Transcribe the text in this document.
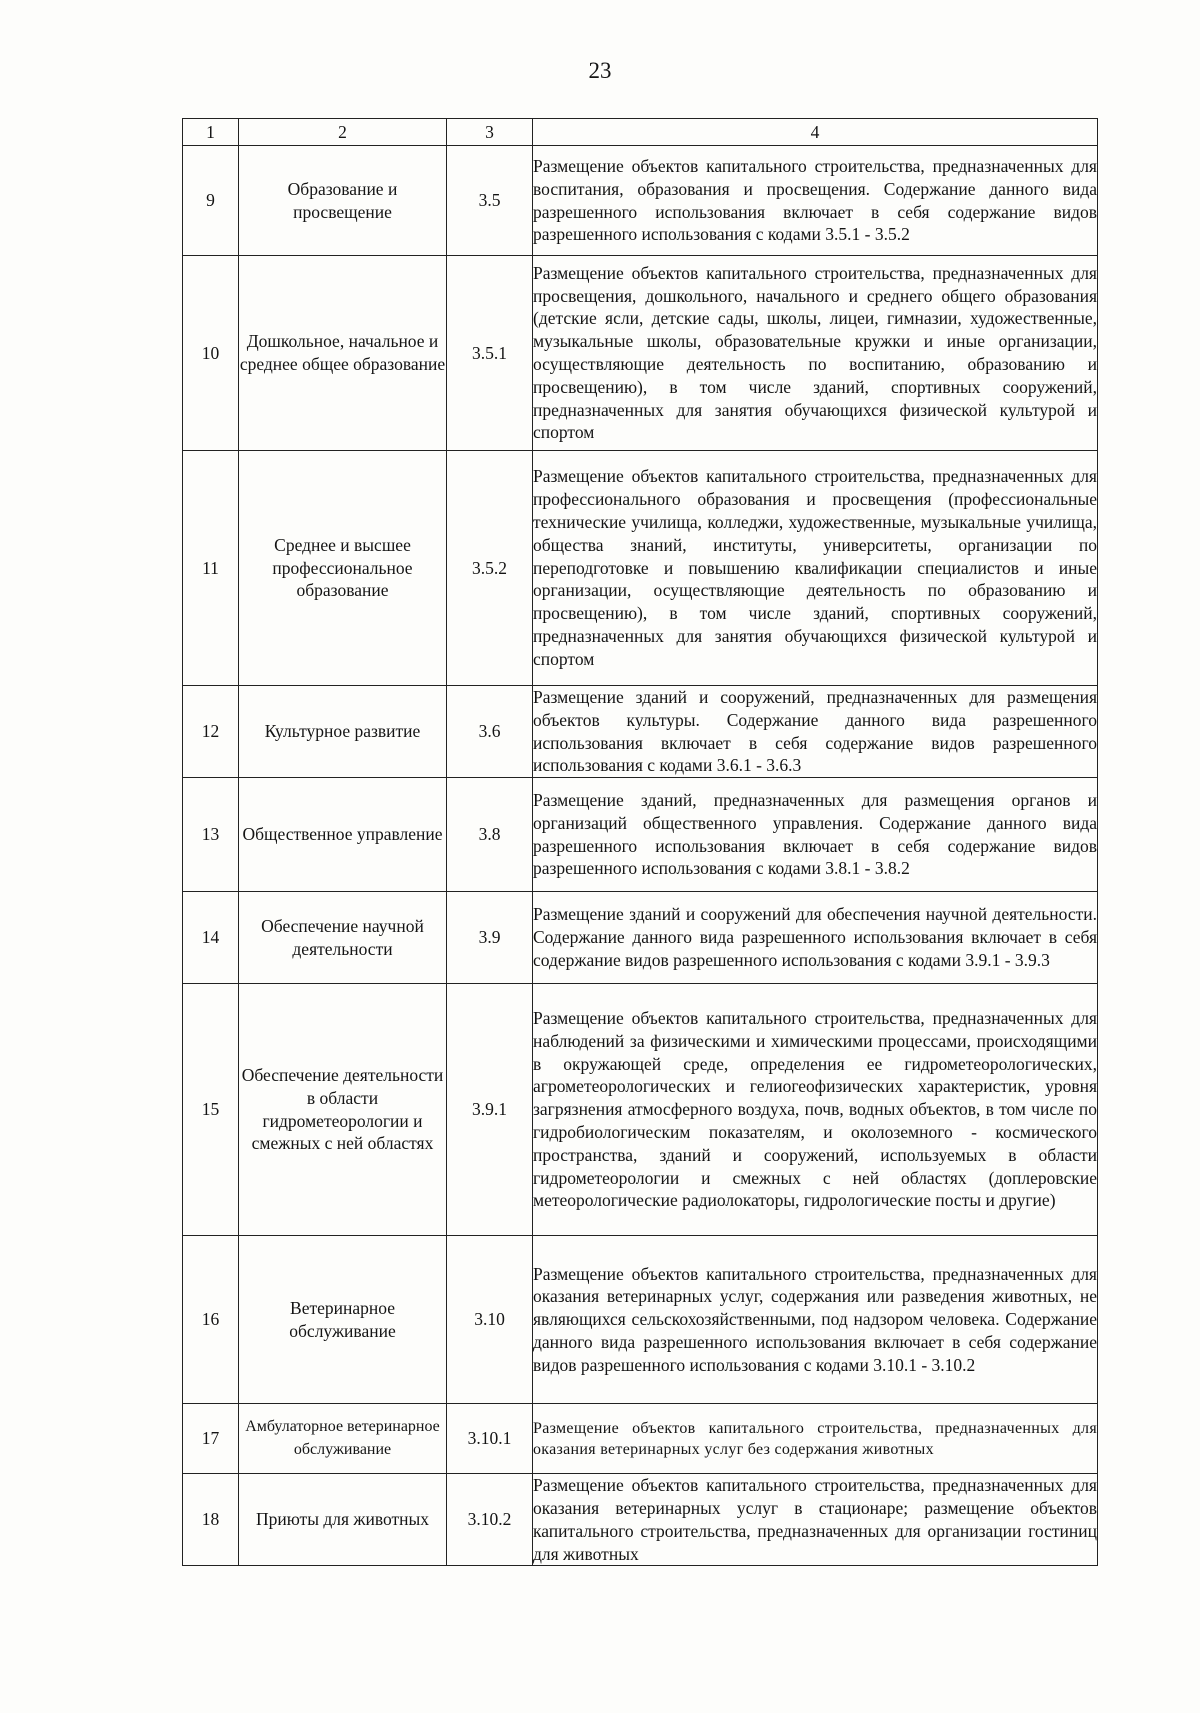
23
1	2	3	4
9	Образование и просвещение	3.5	Размещение объектов капитального строительства, предназначенных для воспитания, образования и просвещения. Содержание данного вида разрешенного использования включает в себя содержание видов разрешенного использования с кодами 3.5.1 - 3.5.2
10	Дошкольное, начальное и среднее общее образование	3.5.1	Размещение объектов капитального строительства, предназначенных для просвещения, дошкольного, начального и среднего общего образования (детские ясли, детские сады, школы, лицеи, гимназии, художественные, музыкальные школы, образовательные кружки и иные организации, осуществляющие деятельность по воспитанию, образованию и просвещению), в том числе зданий, спортивных сооружений, предназначенных для занятия обучающихся физической культурой и спортом
11	Среднее и высшее профессиональное образование	3.5.2	Размещение объектов капитального строительства, предназначенных для профессионального образования и просвещения (профессиональные технические училища, колледжи, художественные, музыкальные училища, общества знаний, институты, университеты, организации по переподготовке и повышению квалификации специалистов и иные организации, осуществляющие деятельность по образованию и просвещению), в том числе зданий, спортивных сооружений, предназначенных для занятия обучающихся физической культурой и спортом
12	Культурное развитие	3.6	Размещение зданий и сооружений, предназначенных для размещения объектов культуры. Содержание данного вида разрешенного использования включает в себя содержание видов разрешенного использования с кодами 3.6.1 - 3.6.3
13	Общественное управление	3.8	Размещение зданий, предназначенных для размещения органов и организаций общественного управления. Содержание данного вида разрешенного использования включает в себя содержание видов разрешенного использования с кодами 3.8.1 - 3.8.2
14	Обеспечение научной деятельности	3.9	Размещение зданий и сооружений для обеспечения научной деятельности. Содержание данного вида разрешенного использования включает в себя содержание видов разрешенного использования с кодами 3.9.1 - 3.9.3
15	Обеспечение деятельности в области гидрометеорологии и смежных с ней областях	3.9.1	Размещение объектов капитального строительства, предназначенных для наблюдений за физическими и химическими процессами, происходящими в окружающей среде, определения ее гидрометеорологических, агрометеорологических и гелиогеофизических характеристик, уровня загрязнения атмосферного воздуха, почв, водных объектов, в том числе по гидробиологическим показателям, и околоземного - космического пространства, зданий и сооружений, используемых в области гидрометеорологии и смежных с ней областях (доплеровские метеорологические радиолокаторы, гидрологические посты и другие)
16	Ветеринарное обслуживание	3.10	Размещение объектов капитального строительства, предназначенных для оказания ветеринарных услуг, содержания или разведения животных, не являющихся сельскохозяйственными, под надзором человека. Содержание данного вида разрешенного использования включает в себя содержание видов разрешенного использования с кодами 3.10.1 - 3.10.2
17	Амбулаторное ветеринарное обслуживание	3.10.1	Размещение объектов капитального строительства, предназначенных для оказания ветеринарных услуг без содержания животных
18	Приюты для животных	3.10.2	Размещение объектов капитального строительства, предназначенных для оказания ветеринарных услуг в стационаре; размещение объектов капитального строительства, предназначенных для организации гостиниц для животных
